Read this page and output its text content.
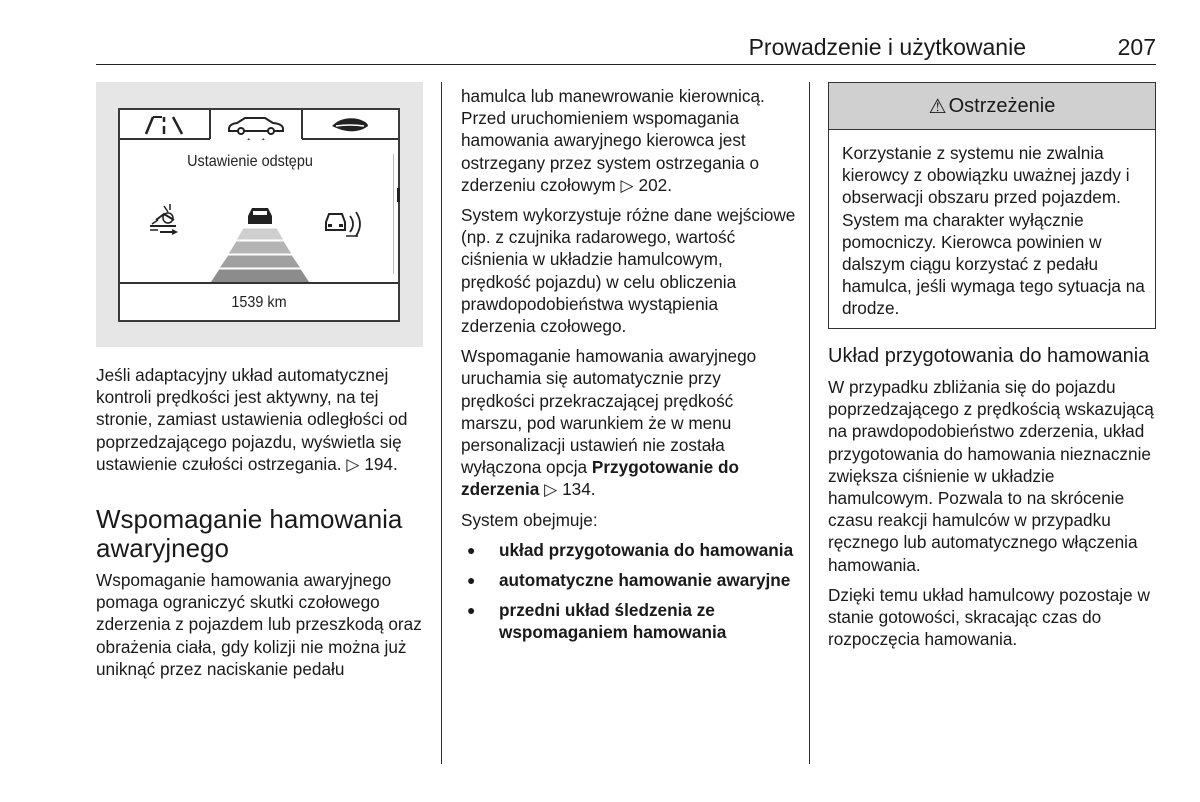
Prowadzenie i użytkowanie	207
Ustawienie odstępu
1539 km

Jeśli adaptacyjny układ automatycznej kontroli prędkości jest aktywny, na tej stronie, zamiast ustawienia odległości od poprzedzającego pojazdu, wyświetla się ustawienie czułości ostrzegania. ▷ 194.

Wspomaganie hamowania awaryjnego

Wspomaganie hamowania awaryjnego pomaga ograniczyć skutki czołowego zderzenia z pojazdem lub przeszkodą oraz obrażenia ciała, gdy kolizji nie można już uniknąć przez naciskanie pedału

hamulca lub manewrowanie kierownicą. Przed uruchomieniem wspomagania hamowania awaryjnego kierowca jest ostrzegany przez system ostrzegania o zderzeniu czołowym ▷ 202.

System wykorzystuje różne dane wejściowe (np. z czujnika radarowego, wartość ciśnienia w układzie hamulcowym, prędkość pojazdu) w celu obliczenia prawdopodobieństwa wystąpienia zderzenia czołowego.

Wspomaganie hamowania awaryjnego uruchamia się automatycznie przy prędkości przekraczającej prędkość marszu, pod warunkiem że w menu personalizacji ustawień nie została wyłączona opcja Przygotowanie do zderzenia ▷ 134.

System obejmuje:

● układ przygotowania do hamowania
● automatyczne hamowanie awaryjne
● przedni układ śledzenia ze wspomaganiem hamowania
⚠ Ostrzeżenie
Korzystanie z systemu nie zwalnia kierowcy z obowiązku uważnej jazdy i obserwacji obszaru przed pojazdem. System ma charakter wyłącznie pomocniczy. Kierowca powinien w dalszym ciągu korzystać z pedału hamulca, jeśli wymaga tego sytuacja na drodze.
Układ przygotowania do hamowania

W przypadku zbliżania się do pojazdu poprzedzającego z prędkością wskazującą na prawdopodobieństwo zderzenia, układ przygotowania do hamowania nieznacznie zwiększa ciśnienie w układzie hamulcowym. Pozwala to na skrócenie czasu reakcji hamulców w przypadku ręcznego lub automatycznego włączenia hamowania.

Dzięki temu układ hamulcowy pozostaje w stanie gotowości, skracając czas do rozpoczęcia hamowania.
